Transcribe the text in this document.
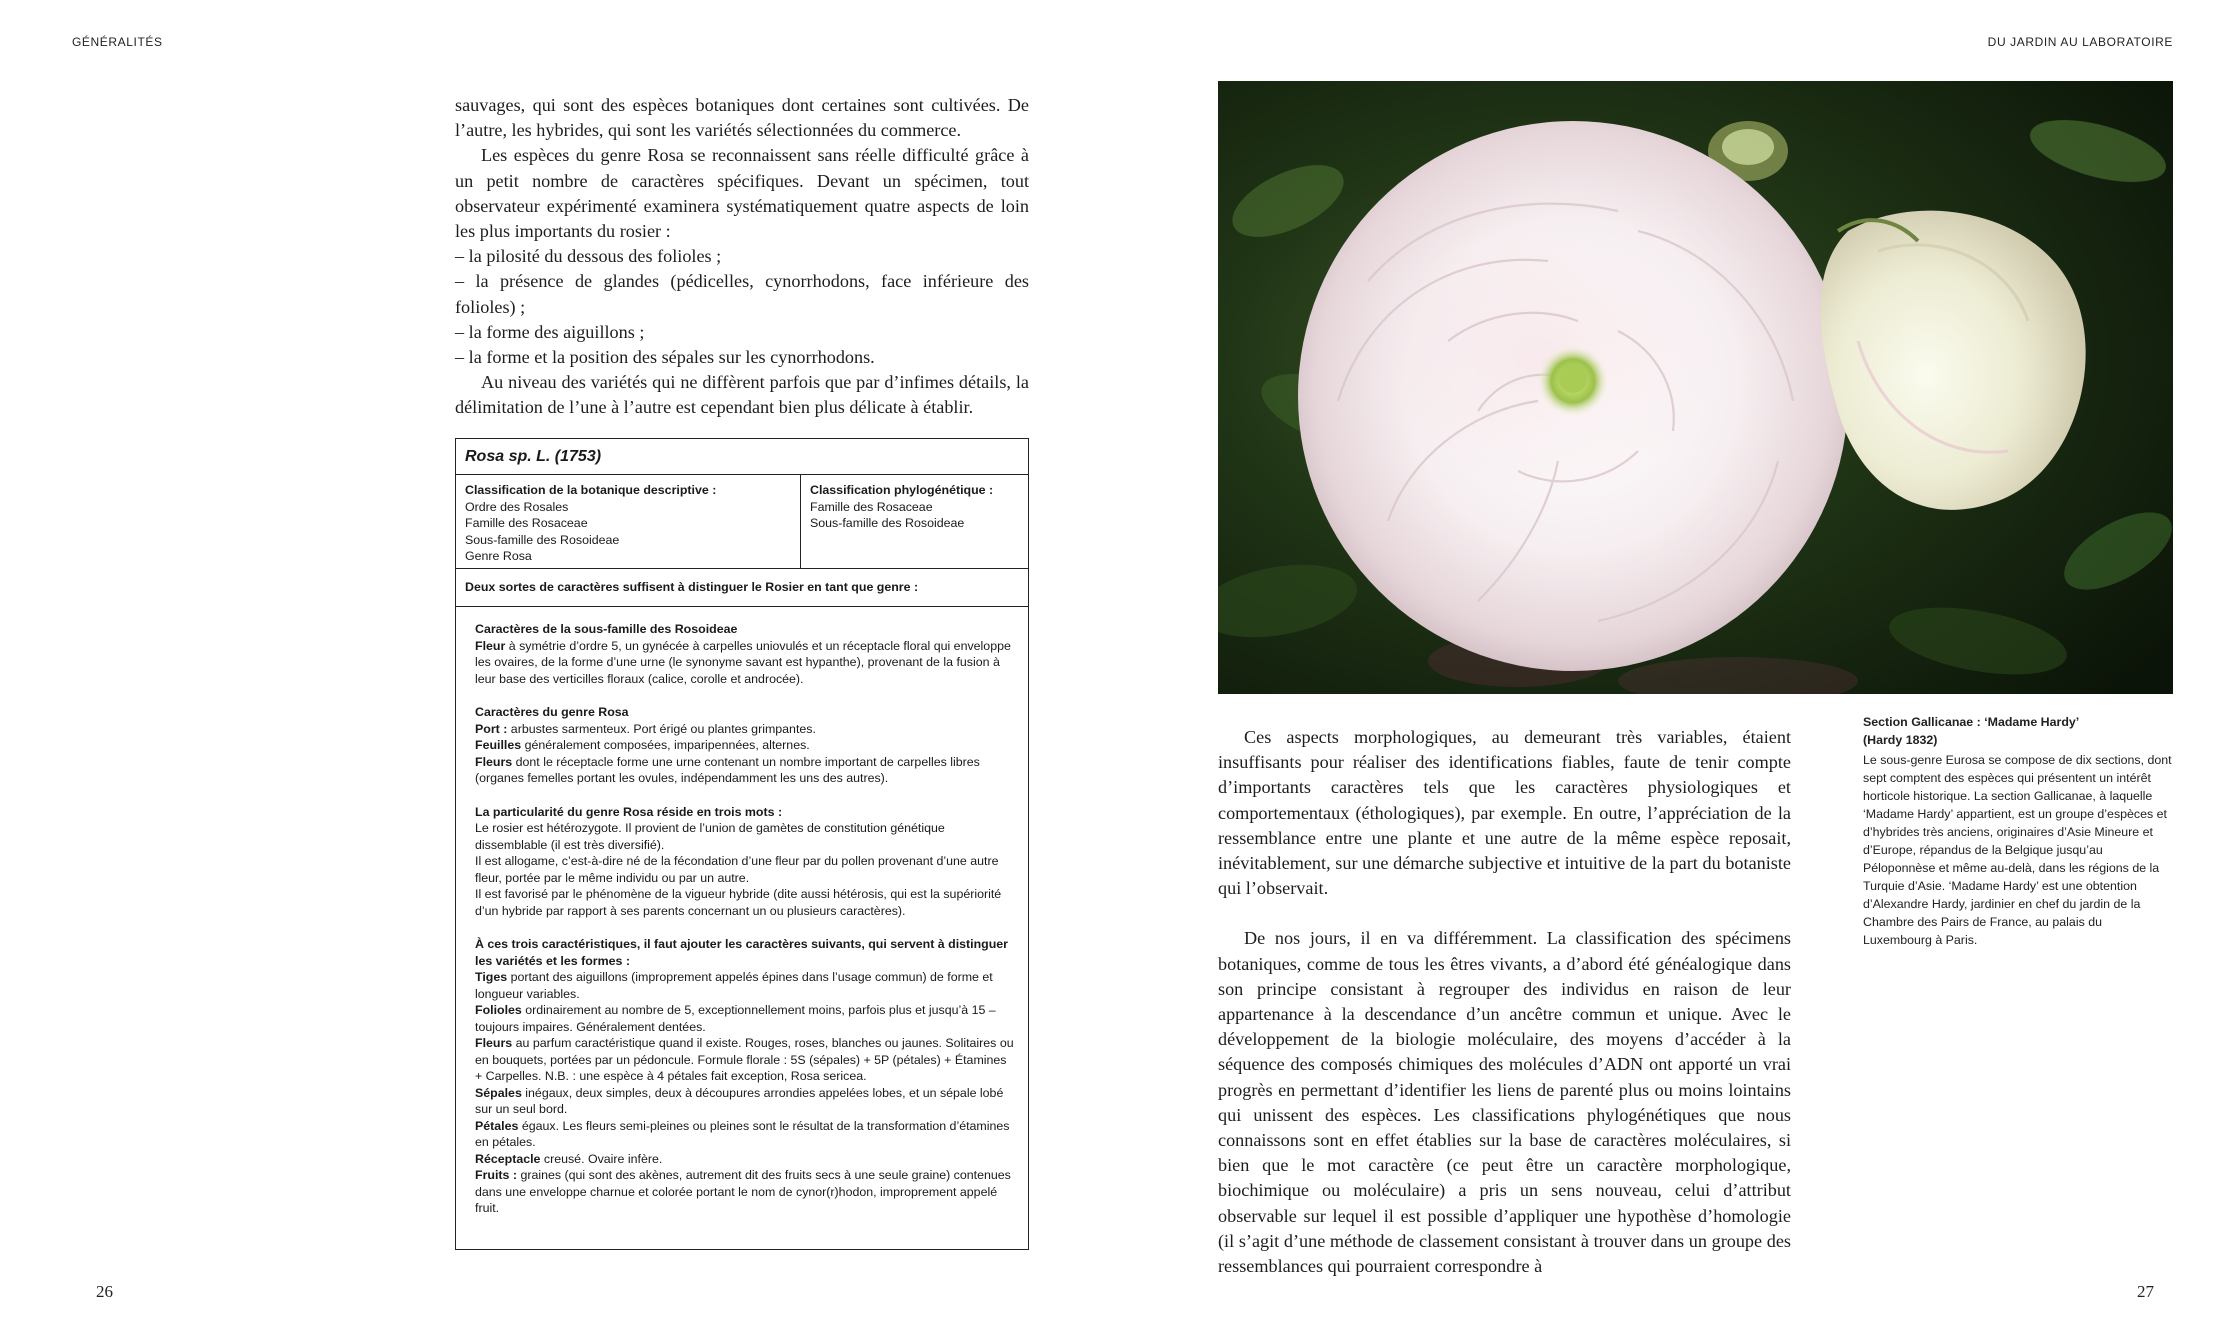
GÉNÉRALITÉS	DU JARDIN AU LABORATOIRE

sauvages, qui sont des espèces botaniques dont certaines sont cultivées. De l’autre, les hybrides, qui sont les variétés sélectionnées du commerce.

Les espèces du genre Rosa se reconnaissent sans réelle difficulté grâce à un petit nombre de caractères spécifiques. Devant un spécimen, tout observateur expérimenté examinera systématiquement quatre aspects de loin les plus importants du rosier :

– la pilosité du dessous des folioles ;

– la présence de glandes (pédicelles, cynorrhodons, face inférieure des folioles) ;

– la forme des aiguillons ;

– la forme et la position des sépales sur les cynorrhodons.

Au niveau des variétés qui ne diffèrent parfois que par d’infimes détails, la délimitation de l’une à l’autre est cependant bien plus délicate à établir.

Rosa sp. L. (1753)
Classification de la botanique descriptive :
Ordre des Rosales
Famille des Rosaceae
Sous-famille des Rosoideae
Genre Rosa
Classification phylogénétique :
Famille des Rosaceae
Sous-famille des Rosoideae
Deux sortes de caractères suffisent à distinguer le Rosier en tant que genre :
Caractères de la sous-famille des Rosoideae
Fleur à symétrie d’ordre 5, un gynécée à carpelles uniovulés et un réceptacle floral qui enveloppe les ovaires, de la forme d’une urne (le synonyme savant est hypanthe), provenant de la fusion à leur base des verticilles floraux (calice, corolle et androcée).
Caractères du genre Rosa
Port : arbustes sarmenteux. Port érigé ou plantes grimpantes.
Feuilles généralement composées, imparipennées, alternes.
Fleurs dont le réceptacle forme une urne contenant un nombre important de carpelles libres (organes femelles portant les ovules, indépendamment les uns des autres).
La particularité du genre Rosa réside en trois mots :
Le rosier est hétérozygote. Il provient de l’union de gamètes de constitution génétique dissemblable (il est très diversifié).
Il est allogame, c’est-à-dire né de la fécondation d’une fleur par du pollen provenant d’une autre fleur, portée par le même individu ou par un autre.
Il est favorisé par le phénomène de la vigueur hybride (dite aussi hétérosis, qui est la supériorité d’un hybride par rapport à ses parents concernant un ou plusieurs caractères).
À ces trois caractéristiques, il faut ajouter les caractères suivants, qui servent à distinguer les variétés et les formes :
Tiges portant des aiguillons (improprement appelés épines dans l’usage commun) de forme et longueur variables.
Folioles ordinairement au nombre de 5, exceptionnellement moins, parfois plus et jusqu’à 15 – toujours impaires. Généralement dentées.
Fleurs au parfum caractéristique quand il existe. Rouges, roses, blanches ou jaunes. Solitaires ou en bouquets, portées par un pédoncule. Formule florale : 5S (sépales) + 5P (pétales) + Étamines + Carpelles. N.B. : une espèce à 4 pétales fait exception, Rosa sericea.
Sépales inégaux, deux simples, deux à découpures arrondies appelées lobes, et un sépale lobé sur un seul bord.
Pétales égaux. Les fleurs semi-pleines ou pleines sont le résultat de la transformation d’étamines en pétales.
Réceptacle creusé. Ovaire infère.
Fruits : graines (qui sont des akènes, autrement dit des fruits secs à une seule graine) contenues dans une enveloppe charnue et colorée portant le nom de cynor(r)hodon, improprement appelé fruit.
Section Gallicanae : ‘Madame Hardy’
(Hardy 1832)
Le sous-genre Eurosa se compose de dix sections, dont sept comptent des espèces qui présentent un intérêt horticole historique. La section Gallicanae, à laquelle ‘Madame Hardy’ appartient, est un groupe d’espèces et d’hybrides très anciens, originaires d’Asie Mineure et d’Europe, répandus de la Belgique jusqu’au Péloponnèse et même au-delà, dans les régions de la Turquie d’Asie. ‘Madame Hardy’ est une obtention d’Alexandre Hardy, jardinier en chef du jardin de la Chambre des Pairs de France, au palais du Luxembourg à Paris.

Ces aspects morphologiques, au demeurant très variables, étaient insuffisants pour réaliser des identifications fiables, faute de tenir compte d’importants caractères tels que les caractères physiologiques et comportementaux (éthologiques), par exemple. En outre, l’appréciation de la ressemblance entre une plante et une autre de la même espèce reposait, inévitablement, sur une démarche subjective et intuitive de la part du botaniste qui l’observait.

De nos jours, il en va différemment. La classification des spécimens botaniques, comme de tous les êtres vivants, a d’abord été généalogique dans son principe consistant à regrouper des individus en raison de leur appartenance à la descendance d’un ancêtre commun et unique. Avec le développement de la biologie moléculaire, des moyens d’accéder à la séquence des composés chimiques des molécules d’ADN ont apporté un vrai progrès en permettant d’identifier les liens de parenté plus ou moins lointains qui unissent des espèces. Les classifications phylogénétiques que nous connaissons sont en effet établies sur la base de caractères moléculaires, si bien que le mot caractère (ce peut être un caractère morphologique, biochimique ou moléculaire) a pris un sens nouveau, celui d’attribut observable sur lequel il est possible d’appliquer une hypothèse d’homologie (il s’agit d’une méthode de classement consistant à trouver dans un groupe des ressemblances qui pourraient correspondre à

26	27
